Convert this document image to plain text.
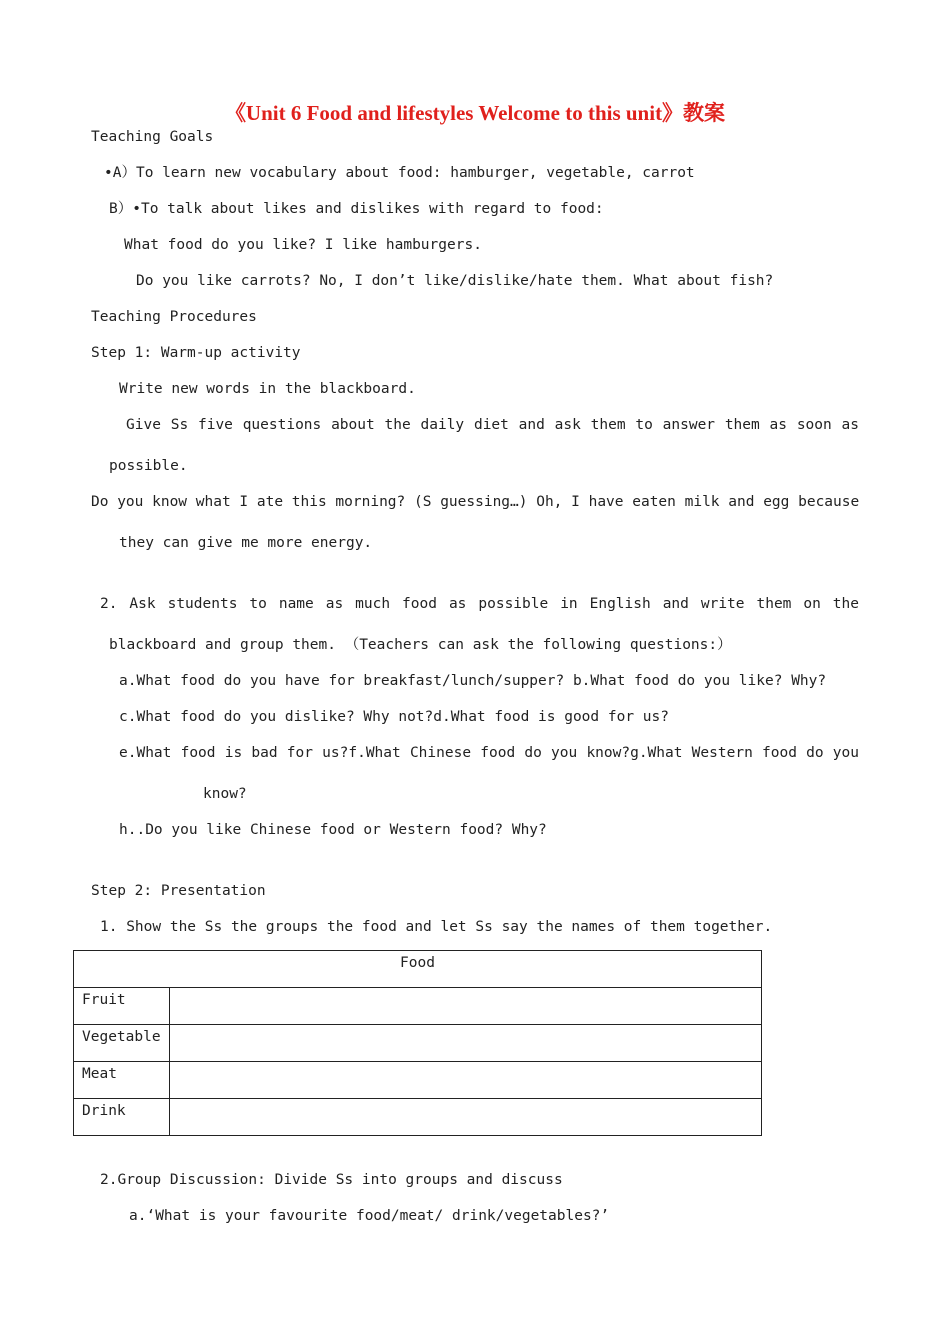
《Unit 6 Food and lifestyles Welcome to this unit》教案
Teaching Goals
•A）To learn new vocabulary about food: hamburger, vegetable, carrot
B）•To talk about likes and dislikes with regard to food:
What food do you like? I like hamburgers.
Do you like carrots? No, I don’t like/dislike/hate them. What about fish?
Teaching Procedures
Step 1: Warm-up activity
Write new words in the blackboard.
Give Ss five questions about the daily diet and ask them to answer them as soon as
possible.
Do you know what I ate this morning? (S guessing…) Oh, I have eaten milk and egg because
they can give me more energy.
2. Ask students to name as much food as possible in English and write them on the
blackboard and group them. （Teachers can ask the following questions:）
a.What food do you have for breakfast/lunch/supper? b.What food do you like? Why?
c.What food do you dislike? Why not?d.What food is good for us?
e.What food is bad for us?f.What Chinese food do you know?g.What Western food do you
know?
h..Do you like Chinese food or Western food? Why?
Step 2: Presentation
1. Show the Ss the groups the food and let Ss say the names of them together.
Food	
Fruit	
Vegetable	
Meat	
Drink	
2.Group Discussion: Divide Ss into groups and discuss
a.‘What is your favourite food/meat/ drink/vegetables?’
